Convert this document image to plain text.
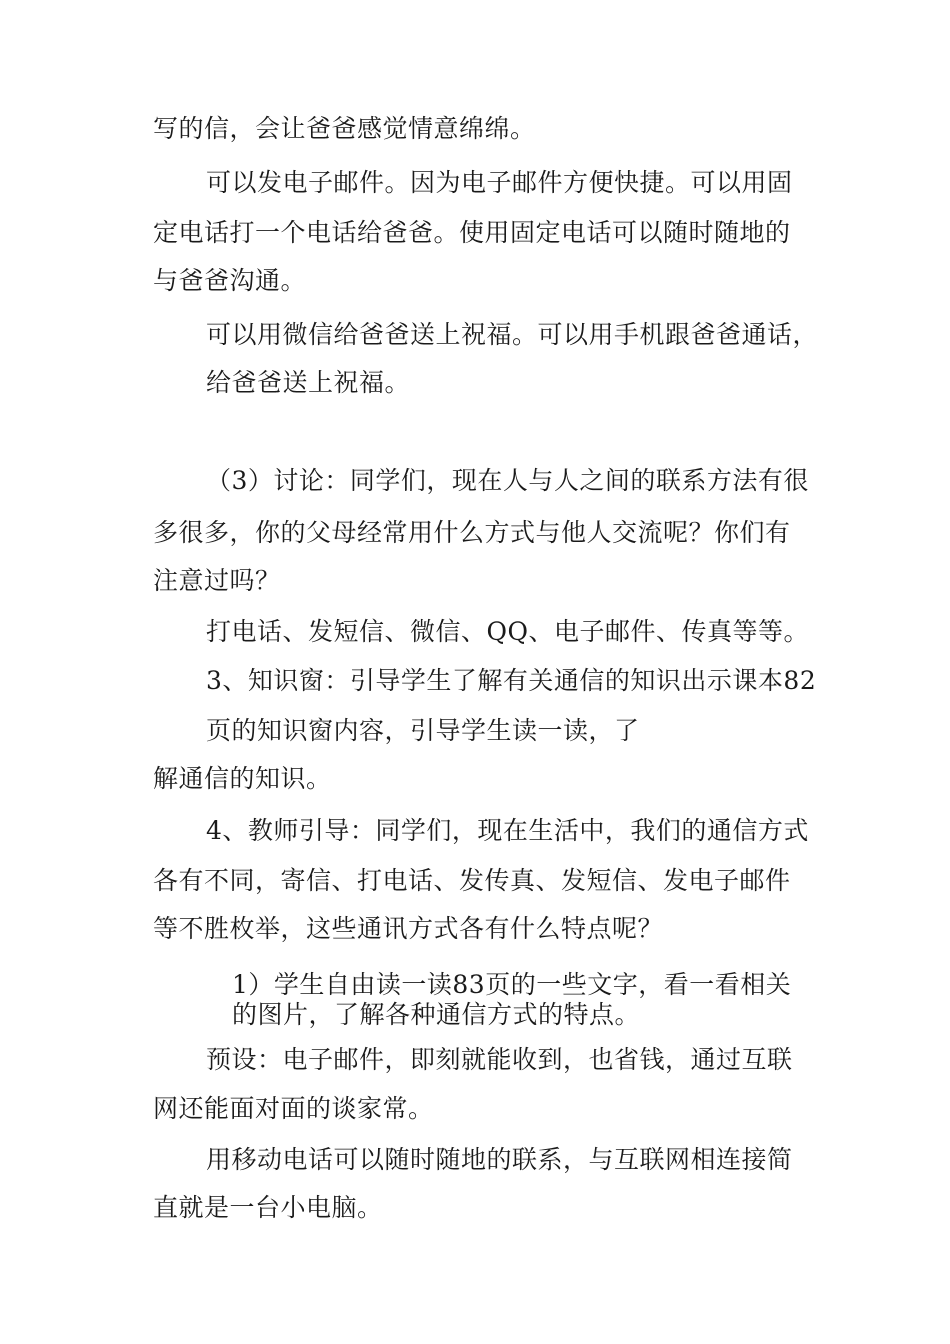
写的信，会让爸爸感觉情意绵绵。
可以发电子邮件。因为电子邮件方便快捷。可以用固
定电话打一个电话给爸爸。使用固定电话可以随时随地的
与爸爸沟通。
可以用微信给爸爸送上祝福。可以用手机跟爸爸通话，
给爸爸送上祝福。
（3）讨论：同学们，现在人与人之间的联系方法有很
多很多，你的父母经常用什么方式与他人交流呢？你们有
注意过吗？
打电话、发短信、微信、QQ、电子邮件、传真等等。
3、知识窗：引导学生了解有关通信的知识出示课本82
页的知识窗内容，引导学生读一读，了
解通信的知识。
4、教师引导：同学们，现在生活中，我们的通信方式
各有不同，寄信、打电话、发传真、发短信、发电子邮件
等不胜枚举，这些通讯方式各有什么特点呢？
1）学生自由读一读83页的一些文字，看一看相关
的图片，了解各种通信方式的特点。
预设：电子邮件，即刻就能收到，也省钱，通过互联
网还能面对面的谈家常。
用移动电话可以随时随地的联系，与互联网相连接简
直就是一台小电脑。
